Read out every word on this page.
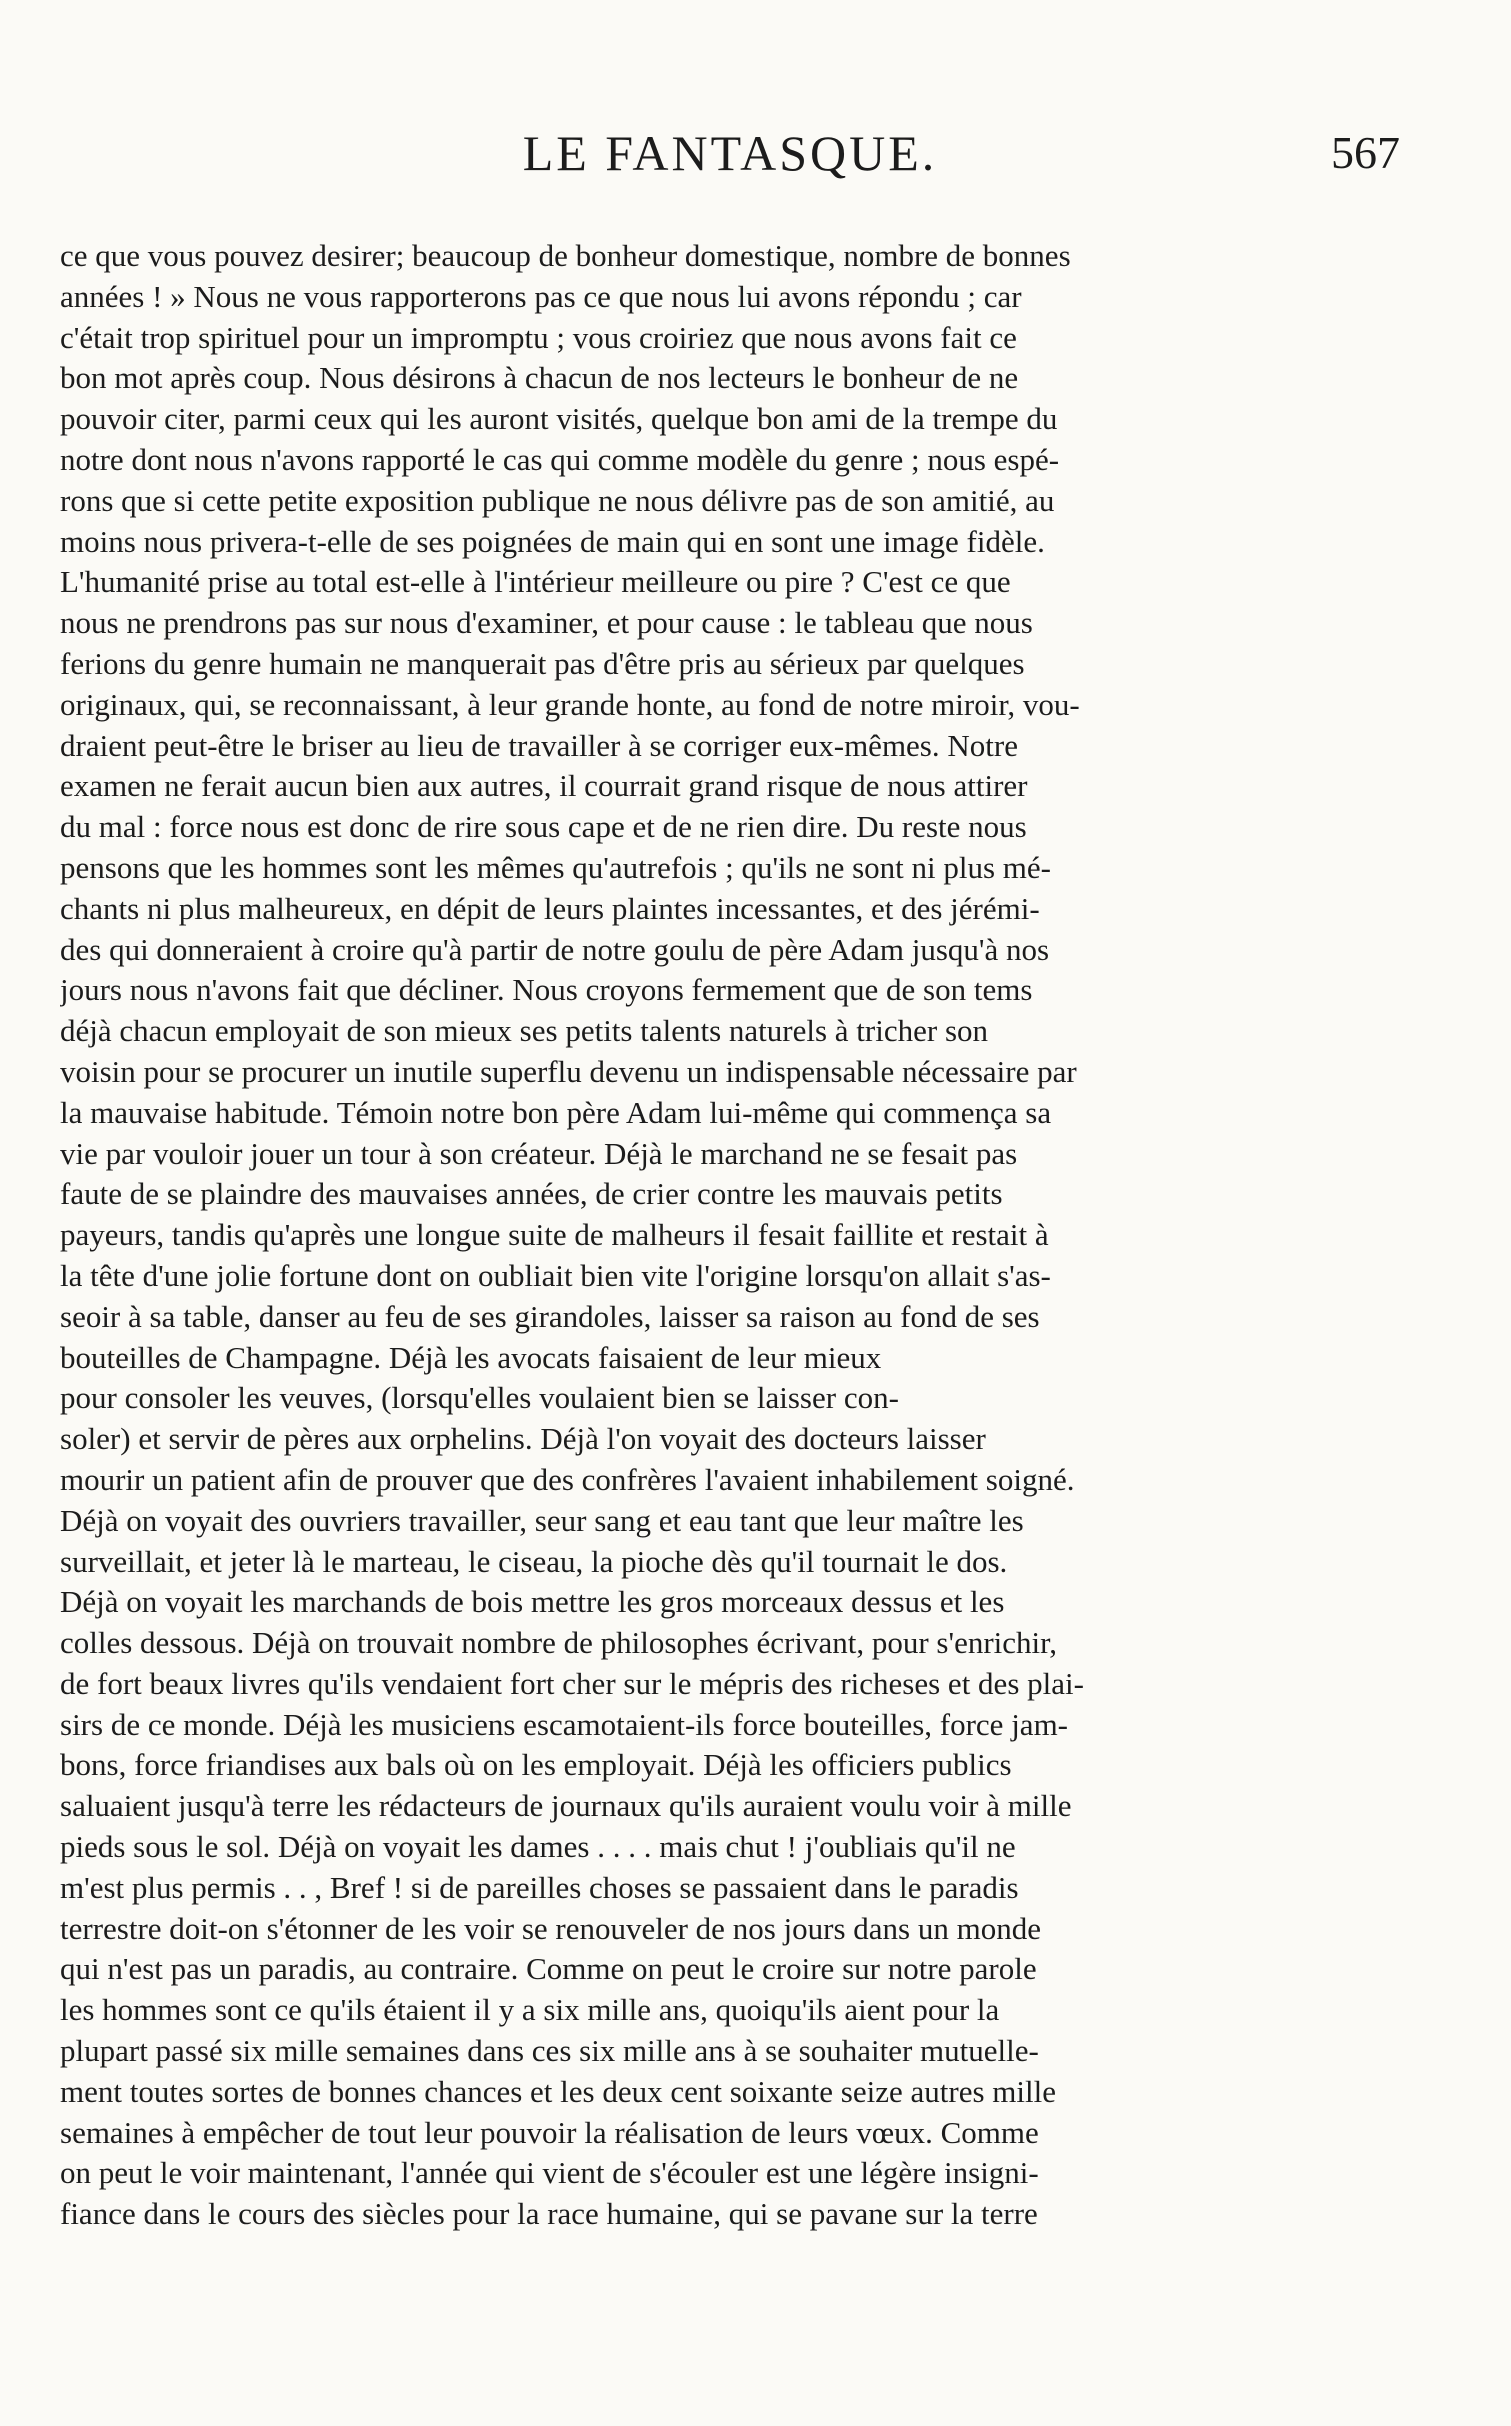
LE FANTASQUE.	567
ce que vous pouvez desirer; beaucoup de bonheur domestique, nombre de bonnes
années ! » Nous ne vous rapporterons pas ce que nous lui avons répondu ; car
c'était trop spirituel pour un impromptu ; vous croiriez que nous avons fait ce
bon mot après coup. Nous désirons à chacun de nos lecteurs le bonheur de ne
pouvoir citer, parmi ceux qui les auront visités, quelque bon ami de la trempe du
notre dont nous n'avons rapporté le cas qui comme modèle du genre ; nous espé-
rons que si cette petite exposition publique ne nous délivre pas de son amitié, au
moins nous privera-t-elle de ses poignées de main qui en sont une image fidèle.
L'humanité prise au total est-elle à l'intérieur meilleure ou pire ? C'est ce que
nous ne prendrons pas sur nous d'examiner, et pour cause : le tableau que nous
ferions du genre humain ne manquerait pas d'être pris au sérieux par quelques
originaux, qui, se reconnaissant, à leur grande honte, au fond de notre miroir, vou-
draient peut-être le briser au lieu de travailler à se corriger eux-mêmes. Notre
examen ne ferait aucun bien aux autres, il courrait grand risque de nous attirer
du mal : force nous est donc de rire sous cape et de ne rien dire. Du reste nous
pensons que les hommes sont les mêmes qu'autrefois ; qu'ils ne sont ni plus mé-
chants ni plus malheureux, en dépit de leurs plaintes incessantes, et des jérémi-
des qui donneraient à croire qu'à partir de notre goulu de père Adam jusqu'à nos
jours nous n'avons fait que décliner. Nous croyons fermement que de son tems
déjà chacun employait de son mieux ses petits talents naturels à tricher son
voisin pour se procurer un inutile superflu devenu un indispensable nécessaire par
la mauvaise habitude. Témoin notre bon père Adam lui-même qui commença sa
vie par vouloir jouer un tour à son créateur. Déjà le marchand ne se fesait pas
faute de se plaindre des mauvaises années, de crier contre les mauvais petits
payeurs, tandis qu'après une longue suite de malheurs il fesait faillite et restait à
la tête d'une jolie fortune dont on oubliait bien vite l'origine lorsqu'on allait s'as-
seoir à sa table, danser au feu de ses girandoles, laisser sa raison au fond de ses
bouteilles de Champagne. Déjà les avocats faisaient de leur mieux
pour consoler les veuves, (lorsqu'elles voulaient bien se laisser con-
soler) et servir de pères aux orphelins. Déjà l'on voyait des docteurs laisser
mourir un patient afin de prouver que des confrères l'avaient inhabilement soigné.
Déjà on voyait des ouvriers travailler, seur sang et eau tant que leur maître les
surveillait, et jeter là le marteau, le ciseau, la pioche dès qu'il tournait le dos.
Déjà on voyait les marchands de bois mettre les gros morceaux dessus et les
colles dessous. Déjà on trouvait nombre de philosophes écrivant, pour s'enrichir,
de fort beaux livres qu'ils vendaient fort cher sur le mépris des richeses et des plai-
sirs de ce monde. Déjà les musiciens escamotaient-ils force bouteilles, force jam-
bons, force friandises aux bals où on les employait. Déjà les officiers publics
saluaient jusqu'à terre les rédacteurs de journaux qu'ils auraient voulu voir à mille
pieds sous le sol. Déjà on voyait les dames . . . . mais chut ! j'oubliais qu'il ne
m'est plus permis . . , Bref ! si de pareilles choses se passaient dans le paradis
terrestre doit-on s'étonner de les voir se renouveler de nos jours dans un monde
qui n'est pas un paradis, au contraire. Comme on peut le croire sur notre parole
les hommes sont ce qu'ils étaient il y a six mille ans, quoiqu'ils aient pour la
plupart passé six mille semaines dans ces six mille ans à se souhaiter mutuelle-
ment toutes sortes de bonnes chances et les deux cent soixante seize autres mille
semaines à empêcher de tout leur pouvoir la réalisation de leurs vœux. Comme
on peut le voir maintenant, l'année qui vient de s'écouler est une légère insigni-
fiance dans le cours des siècles pour la race humaine, qui se pavane sur la terre
